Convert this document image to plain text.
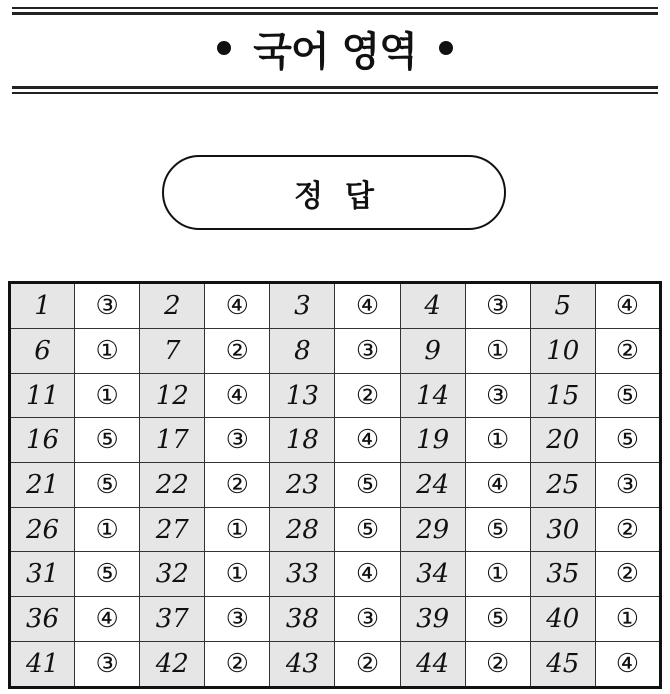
국어 영역
정답
1	③	2	④	3	④	4	③	5	④
6	①	7	②	8	③	9	①	10	②
11	①	12	④	13	②	14	③	15	⑤
16	⑤	17	③	18	④	19	①	20	⑤
21	⑤	22	②	23	⑤	24	④	25	③
26	①	27	①	28	⑤	29	⑤	30	②
31	⑤	32	①	33	④	34	①	35	②
36	④	37	③	38	③	39	⑤	40	①
41	③	42	②	43	②	44	②	45	④
